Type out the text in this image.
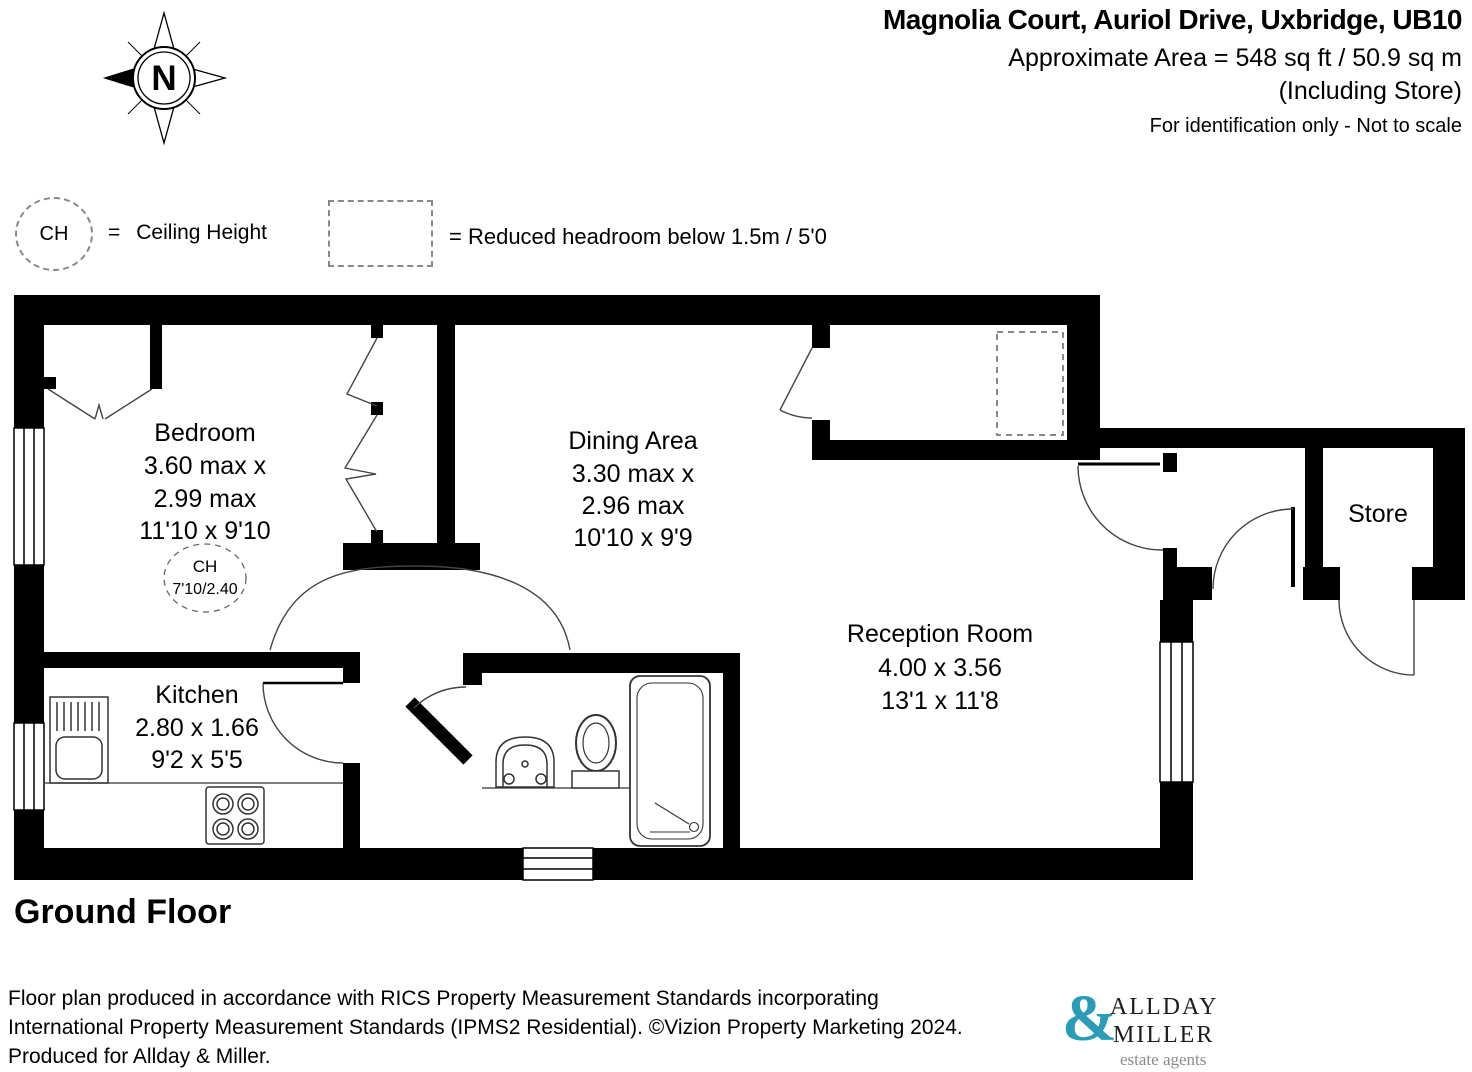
N
Bedroom
3.60 max x
2.99 max
11'10 x 9'10
CH
7'10/2.40
Dining Area
3.30 max x
2.96 max
10'10 x 9'9
Reception Room
4.00 x 3.56
13'1 x 11'8
Kitchen
2.80 x 1.66
9'2 x 5'5
Store
Magnolia Court, Auriol Drive, Uxbridge, UB10
Approximate Area = 548 sq ft / 50.9 sq m
(Including Store)
For identification only - Not to scale
CH	= Ceiling Height	= Reduced headroom below 1.5m / 5'0
Ground Floor
Floor plan produced in accordance with RICS Property Measurement Standards incorporating
International Property Measurement Standards (IPMS2 Residential). ©Vizion Property Marketing 2024.
Produced for Allday & Miller.
&
ALLDAY
MILLER
estate agents
